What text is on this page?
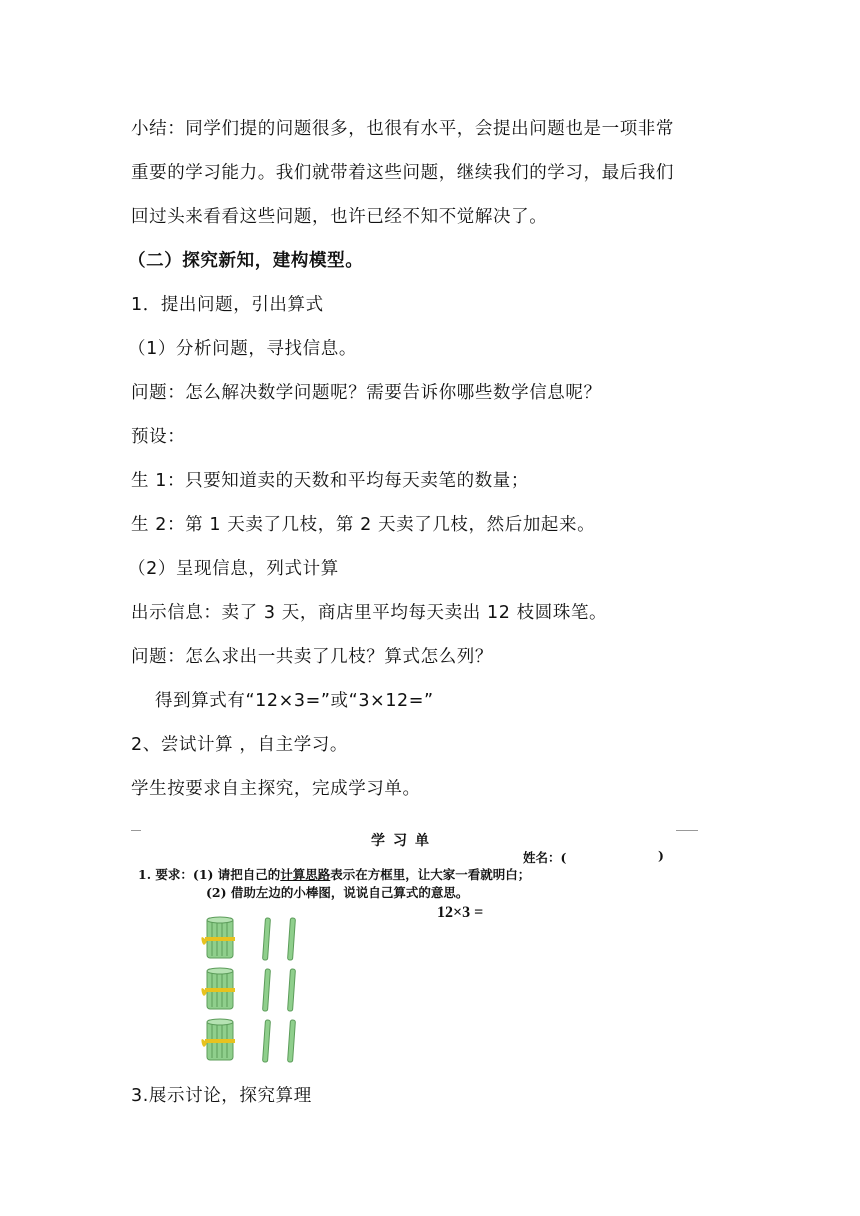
小结：同学们提的问题很多，也很有水平，会提出问题也是一项非常
重要的学习能力。我们就带着这些问题，继续我们的学习，最后我们
回过头来看看这些问题，也许已经不知不觉解决了。
（二）探究新知，建构模型。
1．提出问题，引出算式
（1）分析问题，寻找信息。
问题：怎么解决数学问题呢？需要告诉你哪些数学信息呢？
预设：
生 1：只要知道卖的天数和平均每天卖笔的数量；
生 2：第 1 天卖了几枝，第 2 天卖了几枝，然后加起来。
（2）呈现信息，列式计算
出示信息：卖了 3 天，商店里平均每天卖出 12 枝圆珠笔。
问题：怎么求出一共卖了几枝？算式怎么列？
得到算式有“12×3=”或“3×12=”
2、尝试计算 ，自主学习。
学生按要求自主探究，完成学习单。
学习单
姓名：(	)
1. 要求：(1) 请把自己的计算思路表示在方框里，让大家一看就明白；
(2) 借助左边的小棒图，说说自己算式的意思。
12×3 =
3.展示讨论，探究算理
